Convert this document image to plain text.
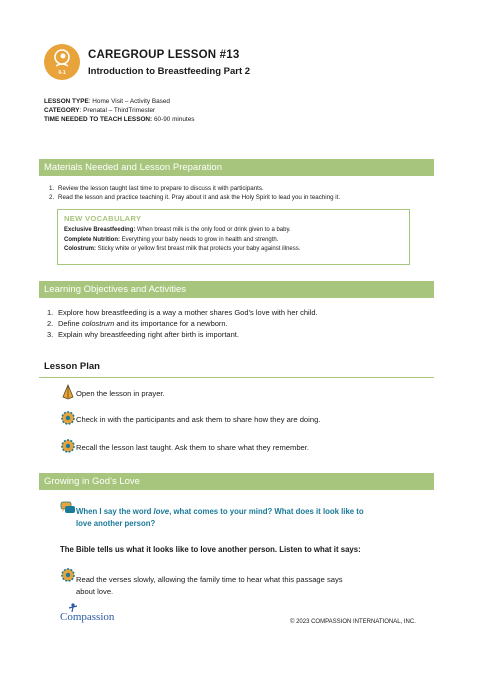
0-1
CAREGROUP LESSON #13
Introduction to Breastfeeding Part 2
LESSON TYPE: Home Visit – Activity Based
CATEGORY: Prenatal – ThirdTrimester
TIME NEEDED TO TEACH LESSON: 60-90 minutes
Materials Needed and Lesson Preparation
1. Review the lesson taught last time to prepare to discuss it with participants.
2. Read the lesson and practice teaching it. Pray about it and ask the Holy Spirit to lead you in teaching it.
NEW VOCABULARY
Exclusive Breastfeeding: When breast milk is the only food or drink given to a baby.
Complete Nutrition: Everything your baby needs to grow in health and strength.
Colostrum: Sticky white or yellow first breast milk that protects your baby against illness.
Learning Objectives and Activities
1. Explore how breastfeeding is a way a mother shares God’s love with her child.
2. Define colostrum and its importance for a newborn.
3. Explain why breastfeeding right after birth is important.
Lesson Plan
Open the lesson in prayer.
Check in with the participants and ask them to share how they are doing.
Recall the lesson last taught. Ask them to share what they remember.
Growing in God’s Love
When I say the word love, what comes to your mind? What does it look like to
love another person?
The Bible tells us what it looks like to love another person. Listen to what it says:
Read the verses slowly, allowing the family time to hear what this passage says
about love.
Compassion	© 2023 COMPASSION INTERNATIONAL, INC.
